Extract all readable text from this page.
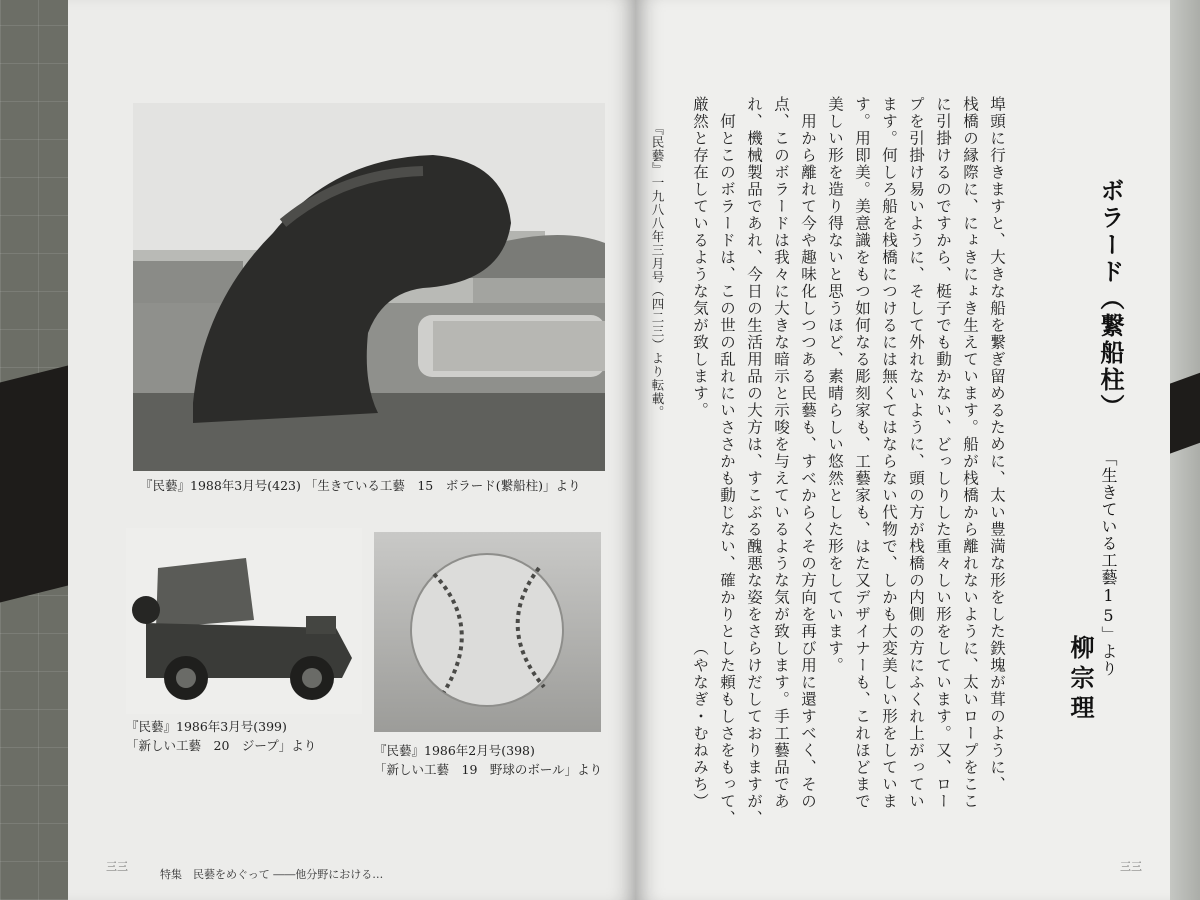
『民藝』1988年3月号(423) 「生きている工藝　15　ボラード(繋船柱)」より
『民藝』1986年3月号(399)
「新しい工藝　20　ジープ」より	『民藝』1986年2月号(398)
「新しい工藝　19　野球のボール」より
特集　民藝をめぐって ――他分野における…
三三
ボラード（繋船柱）
「生きている工藝15」より
柳宗理
埠頭に行きますと、大きな船を繋ぎ留めるために、太い豊満な形をした鉄塊が茸のように、
栈橋の縁際に、にょきにょき生えています。船が栈橋から離れないように、太いロープをここ
に引掛けるのですから、梃子でも動かない、どっしりした重々しい形をしています。又、ロー
プを引掛け易いように、そして外れないように、頭の方が栈橋の内側の方にふくれ上がってい
ます。何しろ船を栈橋につけるには無くてはならない代物で、しかも大変美しい形をしていま
す。用即美。美意識をもつ如何なる彫刻家も、工藝家も、はた又デザイナーも、これほどまで
美しい形を造り得ないと思うほど、素晴らしい悠然とした形をしています。
　用から離れて今や趣味化しつつある民藝も、すべからくその方向を再び用に還すべく、その
点、このボラードは我々に大きな暗示と示唆を与えているような気が致します。手工藝品であ
れ、機械製品であれ、今日の生活用品の大方は、すこぶる醜悪な姿をさらけだしておりますが、
　何とこのボラードは、この世の乱れにいささかも動じない、確かりとした頼もしさをもって、
厳然と存在しているような気が致します。
（やなぎ・むねみち）
『民藝』一九八八年三月号（四二三）より転載。
三三
